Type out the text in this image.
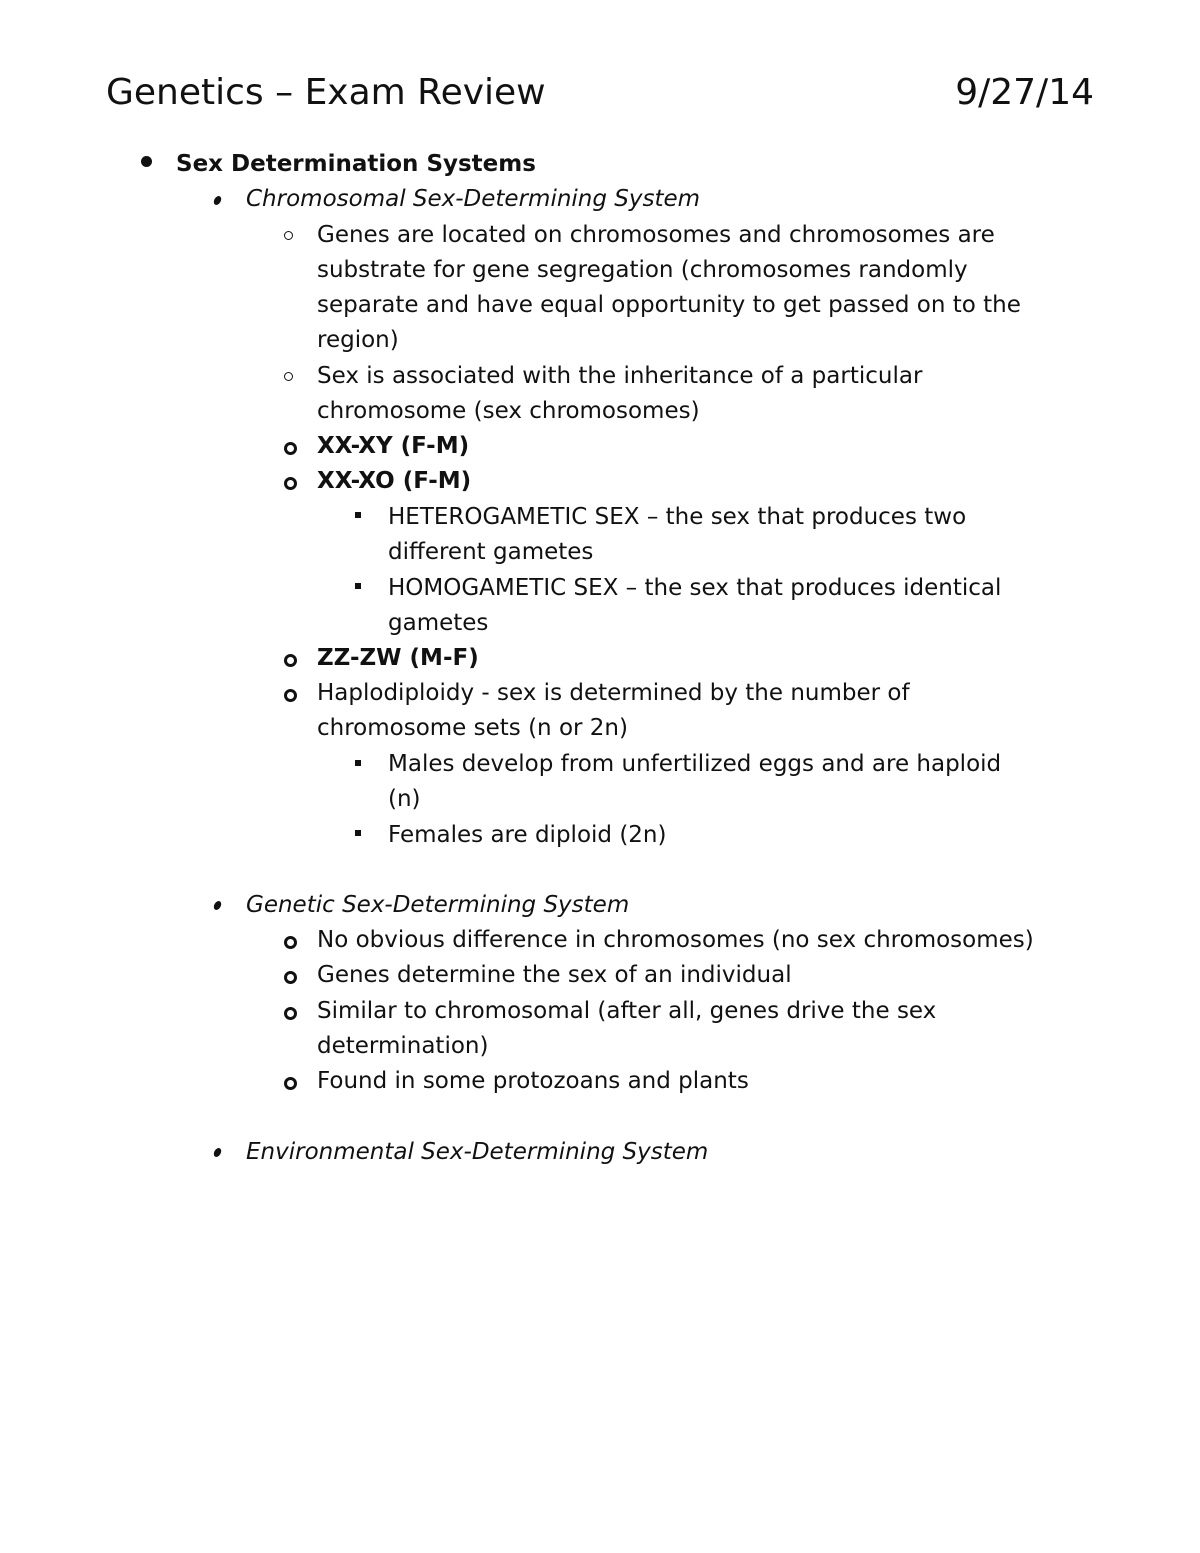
Genetics – Exam Review	9/27/14
Sex Determination Systems
Chromosomal Sex-Determining System
Genes are located on chromosomes and chromosomes are
substrate for gene segregation (chromosomes randomly
separate and have equal opportunity to get passed on to the
region)
Sex is associated with the inheritance of a particular
chromosome (sex chromosomes)
XX-XY (F-M)
XX-XO (F-M)
HETEROGAMETIC SEX – the sex that produces two
different gametes
HOMOGAMETIC SEX – the sex that produces identical
gametes
ZZ-ZW (M-F)
Haplodiploidy - sex is determined by the number of
chromosome sets (n or 2n)
Males develop from unfertilized eggs and are haploid
(n)
Females are diploid (2n)
Genetic Sex-Determining System
No obvious difference in chromosomes (no sex chromosomes)
Genes determine the sex of an individual
Similar to chromosomal (after all, genes drive the sex
determination)
Found in some protozoans and plants
Environmental Sex-Determining System
